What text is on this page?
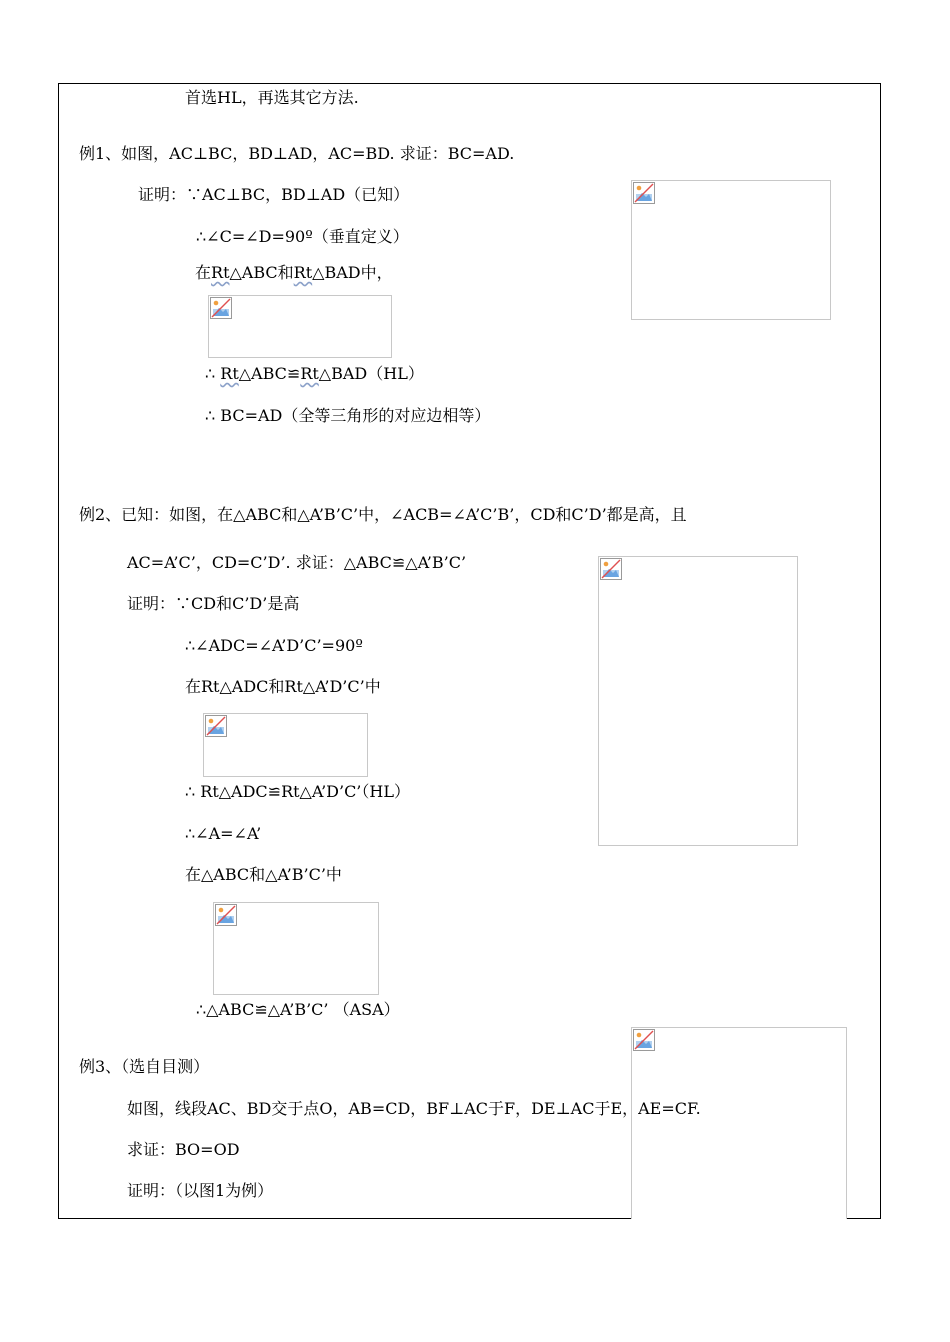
首选HL，再选其它方法.
例1、如图，AC⊥BC，BD⊥AD，AC=BD. 求证：BC=AD.
证明：∵AC⊥BC，BD⊥AD（已知）
∴∠C=∠D=90º（垂直定义）
在Rt△ABC和Rt△BAD中，
∴ Rt△ABC≌Rt△BAD（HL）
∴ BC=AD（全等三角形的对应边相等）
例2、已知：如图，在△ABC和△A’B’C’中，∠ACB=∠A’C’B’，CD和C’D’都是高，且
AC=A’C’，CD=C’D’. 求证：△ABC≌△A’B’C’
证明：∵CD和C’D’是高
∴∠ADC=∠A’D’C’=90º
在Rt△ADC和Rt△A’D’C’中
∴ Rt△ADC≌Rt△A’D’C’（HL）
∴∠A=∠A’
在△ABC和△A’B’C’中
∴△ABC≌△A’B’C’ （ASA）
例3、（选自目测）
如图，线段AC、BD交于点O，AB=CD，BF⊥AC于F，DE⊥AC于E，AE=CF.
求证：BO=OD
证明：（以图1为例）
